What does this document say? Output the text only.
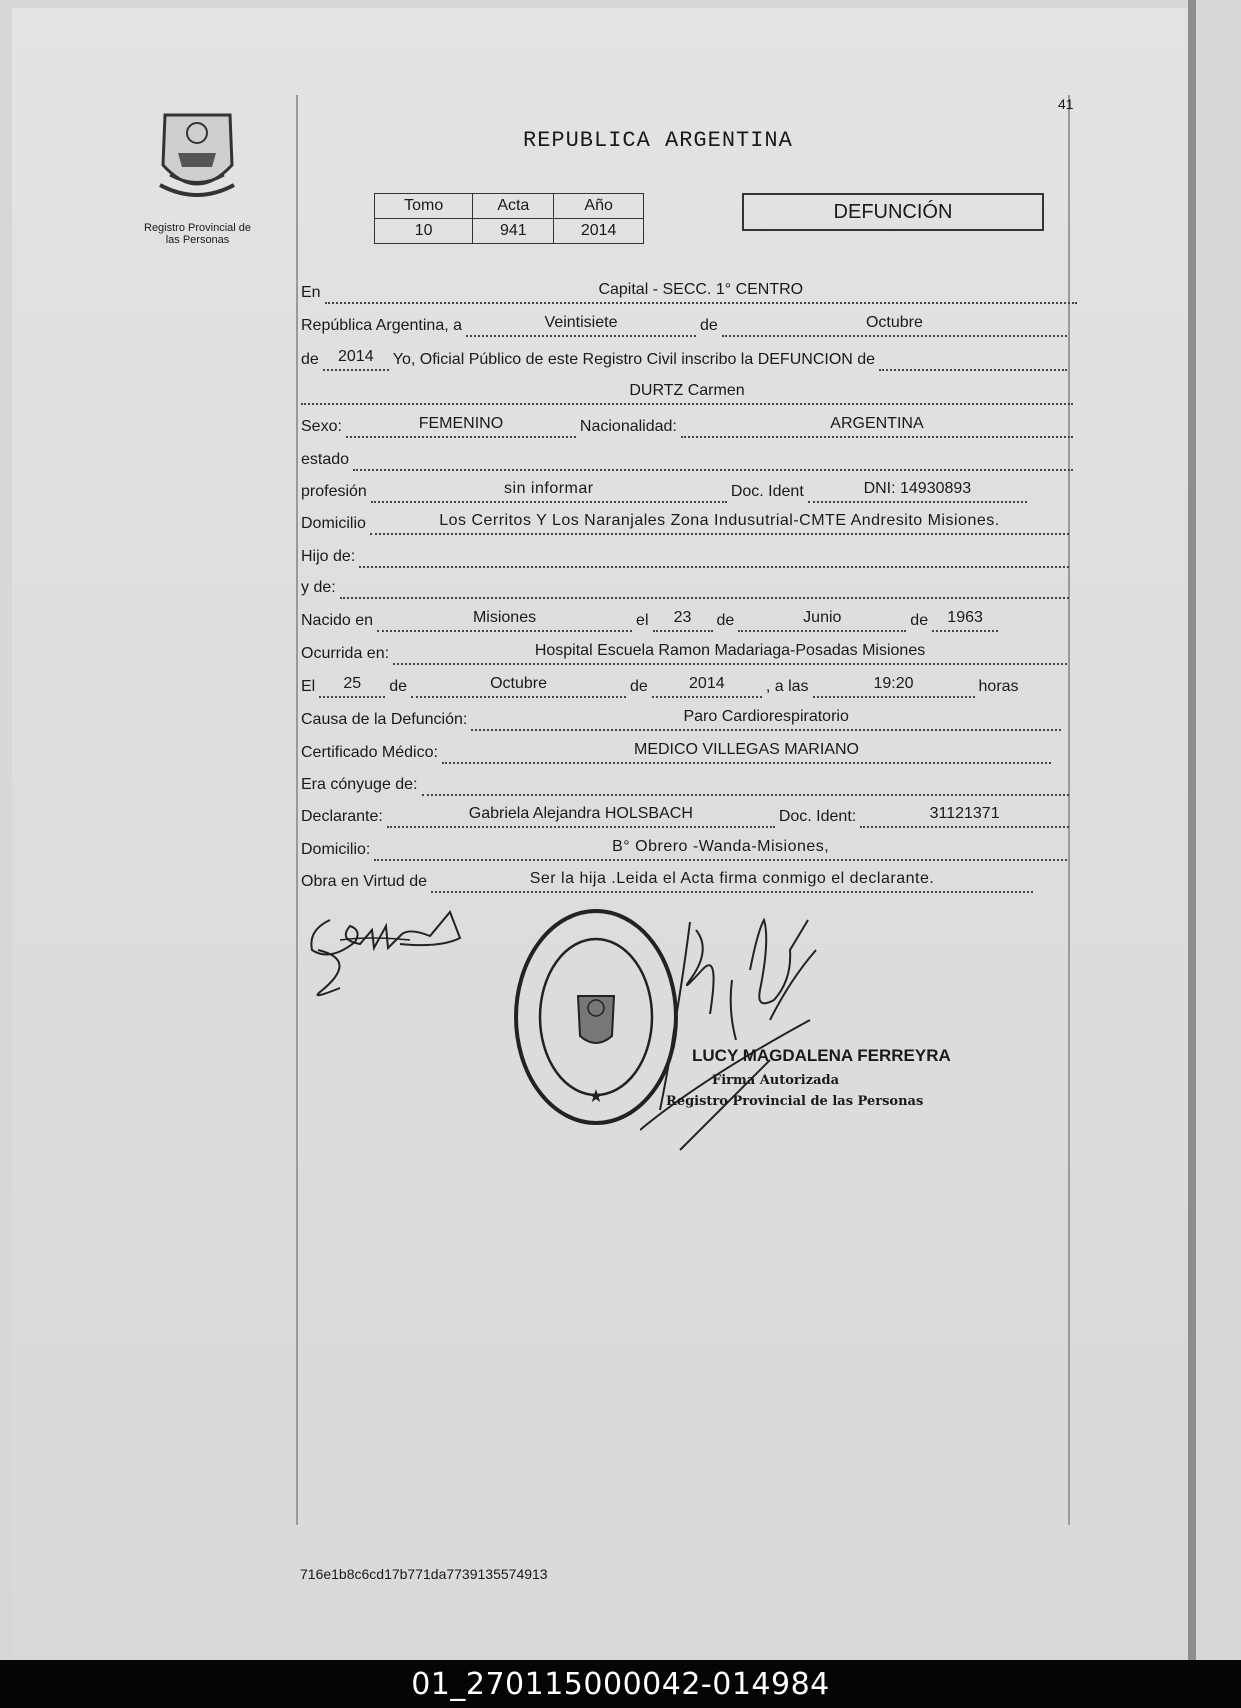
41
Registro Provincial de
las Personas
REPUBLICA ARGENTINA
Tomo	Acta	Año
10	941	2014
DEFUNCIÓN
En	Capital - SECC. 1° CENTRO
República Argentina, a	Veintisiete	de	Octubre
de	2014	Yo, Oficial Público de este Registro Civil inscribo la DEFUNCION de
DURTZ Carmen
Sexo:	FEMENINO	Nacionalidad:	ARGENTINA
estado
profesión	sin informar	Doc. Ident	DNI: 14930893
Domicilio	Los Cerritos Y Los Naranjales Zona Indusutrial-CMTE Andresito Misiones.
Hijo de:
y de:
Nacido en	Misiones	el	23	de	Junio	de	1963
Ocurrida en:	Hospital Escuela Ramon Madariaga-Posadas Misiones
El	25	de	Octubre	de	2014	, a las	19:20	horas
Causa de la Defunción:	Paro Cardiorespiratorio
Certificado Médico:	MEDICO VILLEGAS MARIANO
Era cónyuge de:
Declarante:	Gabriela Alejandra HOLSBACH	Doc. Ident:	31121371
Domicilio:	B° Obrero -Wanda-Misiones,
Obra en Virtud de	Ser la hija .Leida el Acta firma conmigo el declarante.
★
LUCY MAGDALENA FERREYRA
Firma Autorizada
Registro Provincial de las Personas
716e1b8c6cd17b771da7739135574913
01_270115000042-014984
